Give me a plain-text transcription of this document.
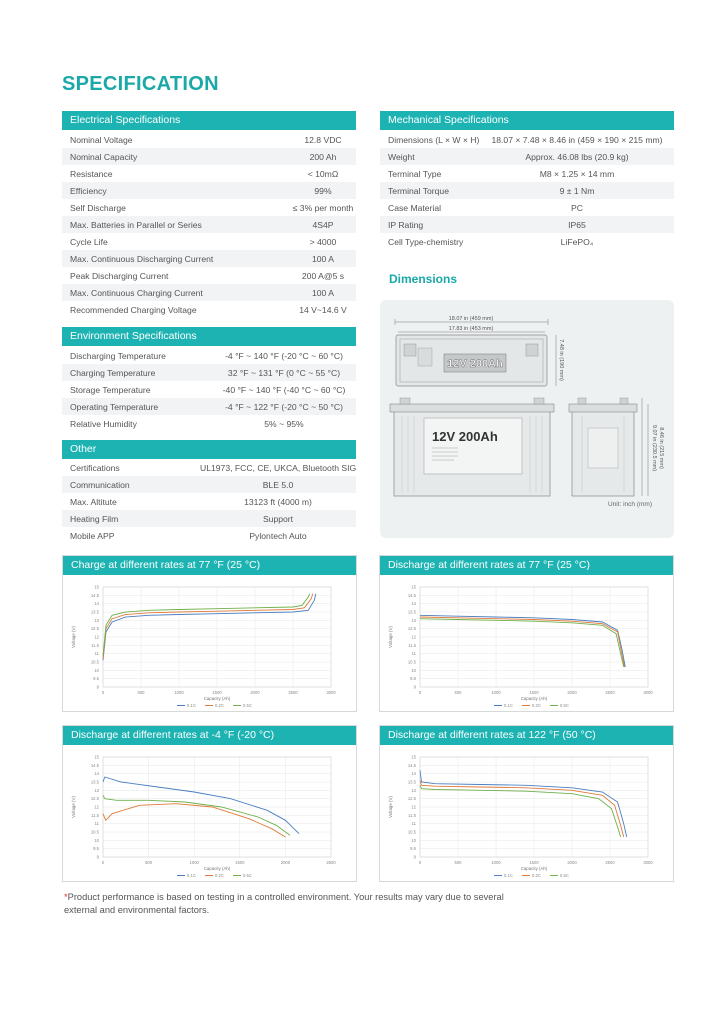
SPECIFICATION
Electrical Specifications
Nominal Voltage	12.8 VDC
Nominal Capacity	200 Ah
Resistance	< 10mΩ
Efficiency	99%
Self Discharge	≤ 3% per month
Max. Batteries in Parallel or Series	4S4P
Cycle Life	> 4000
Max. Continuous Discharging Current	100 A
Peak Discharging Current	200 A@5 s
Max. Continuous Charging Current	100 A
Recommended Charging Voltage	14 V~14.6 V
Environment Specifications
Discharging Temperature	-4 °F ~ 140 °F (-20 °C ~ 60 °C)
Charging Temperature	32 °F ~ 131 °F (0 °C ~ 55 °C)
Storage Temperature	-40 °F ~ 140 °F (-40 °C ~ 60 °C)
Operating Temperature	-4 °F ~ 122 °F (-20 °C ~ 50 °C)
Relative Humidity	5% ~ 95%
Other
Certifications	UL1973, FCC, CE, UKCA, Bluetooth SIG
Communication	BLE 5.0
Max. Altitute	13123 ft (4000 m)
Heating Film	Support
Mobile APP	Pylontech Auto
Mechanical Specifications
Dimensions (L × W × H)	18.07 × 7.48 × 8.46 in (459 × 190 × 215 mm)
Weight	Approx. 46.08 lbs (20.9 kg)
Terminal Type	M8 × 1.25 × 14 mm
Terminal Torque	9 ± 1 Nm
Case Material	PC
IP Rating	IP65
Cell Type-chemistry	LiFePO₄
Dimensions
18.07 in (459 mm)
17.83 in (453 mm)
12V 200Ah	7.48 in (190 mm)
12V 200Ah	9.07 in (230.5 mm) 8.46 in (215 mm)
Unit: inch (mm)
Charge at different rates at 77 °F (25 °C)
15
14.5
14
13.5
13
12.5
12
11.5
11
10.5
10
9.5
9
0	500	1000	1500	2000	2500	3000
Capacity (Ah)
Voltage (V)
0.1C	0.2C	0.5C
Discharge at different rates at 77 °F (25 °C)
15
14.5
14
13.5
13
12.5
12
11.5
11
10.5
10
9.5
9
0	500	1000	1500	2000	2500	3000
Capacity (Ah)
Voltage (V)
0.1C	0.2C	0.5C
Discharge at different rates at -4 °F (-20 °C)
15
14.5
14
13.5
13
12.5
12
11.5
11
10.5
10
9.5
9
0	500	1000	1500	2000	2500
Capacity (Ah)
Voltage (V)
0.1C	0.2C	0.5C
Discharge at different rates at 122 °F (50 °C)
15
14.5
14
13.5
13
12.5
12
11.5
11
10.5
10
9.5
9
0	500	1000	1500	2000	2500	3000
Capacity (Ah)
Voltage (V)
0.1C	0.2C	0.5C

*Product performance is based on testing in a controlled environment. Your results may vary due to several external and environmental factors.
